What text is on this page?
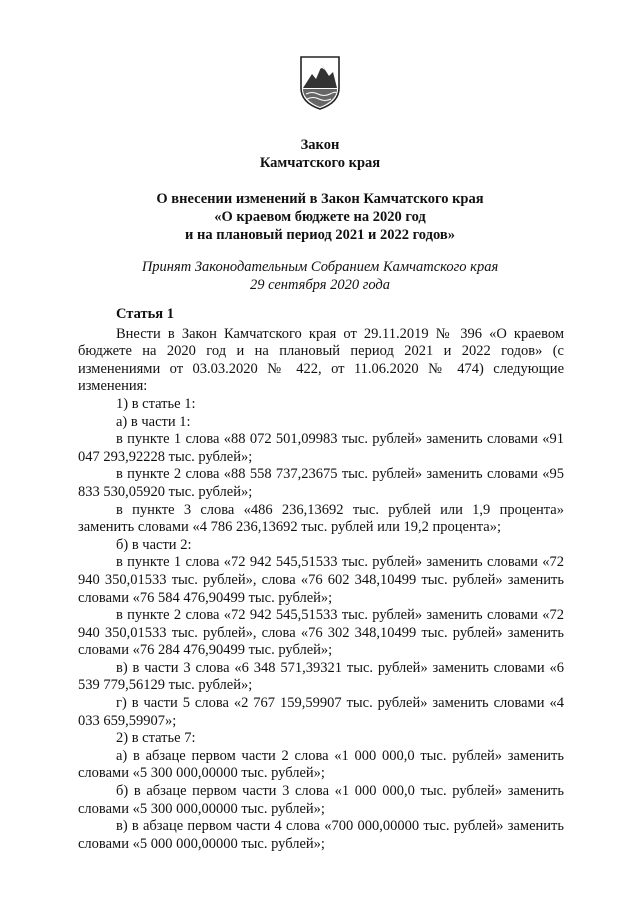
Закон
Камчатского края
О внесении изменений в Закон Камчатского края
«О краевом бюджете на 2020 год
и на плановый период 2021 и 2022 годов»
Принят Законодательным Собранием Камчатского края
29 сентября 2020 года

Статья 1

Внести в Закон Камчатского края от 29.11.2019 № 396 «О краевом бюджете на 2020 год и на плановый период 2021 и 2022 годов» (с изменениями от 03.03.2020 № 422, от 11.06.2020 № 474) следующие изменения:

1) в статье 1:

а) в части 1:

в пункте 1 слова «88 072 501,09983 тыс. рублей» заменить словами «91 047 293,92228 тыс. рублей»;

в пункте 2 слова «88 558 737,23675 тыс. рублей» заменить словами «95 833 530,05920 тыс. рублей»;

в пункте 3 слова «486 236,13692 тыс. рублей или 1,9 процента» заменить словами «4 786 236,13692 тыс. рублей или 19,2 процента»;

б) в части 2:

в пункте 1 слова «72 942 545,51533 тыс. рублей» заменить словами «72 940 350,01533 тыс. рублей», слова «76 602 348,10499 тыс. рублей» заменить словами «76 584 476,90499 тыс. рублей»;

в пункте 2 слова «72 942 545,51533 тыс. рублей» заменить словами «72 940 350,01533 тыс. рублей», слова «76 302 348,10499 тыс. рублей» заменить словами «76 284 476,90499 тыс. рублей»;

в) в части 3 слова «6 348 571,39321 тыс. рублей» заменить словами «6 539 779,56129 тыс. рублей»;

г) в части 5 слова «2 767 159,59907 тыс. рублей» заменить словами «4 033 659,59907»;

2) в статье 7:

а) в абзаце первом части 2 слова «1 000 000,0 тыс. рублей» заменить словами «5 300 000,00000 тыс. рублей»;

б) в абзаце первом части 3 слова «1 000 000,0 тыс. рублей» заменить словами «5 300 000,00000 тыс. рублей»;

в) в абзаце первом части 4 слова «700 000,00000 тыс. рублей» заменить словами «5 000 000,00000 тыс. рублей»;
